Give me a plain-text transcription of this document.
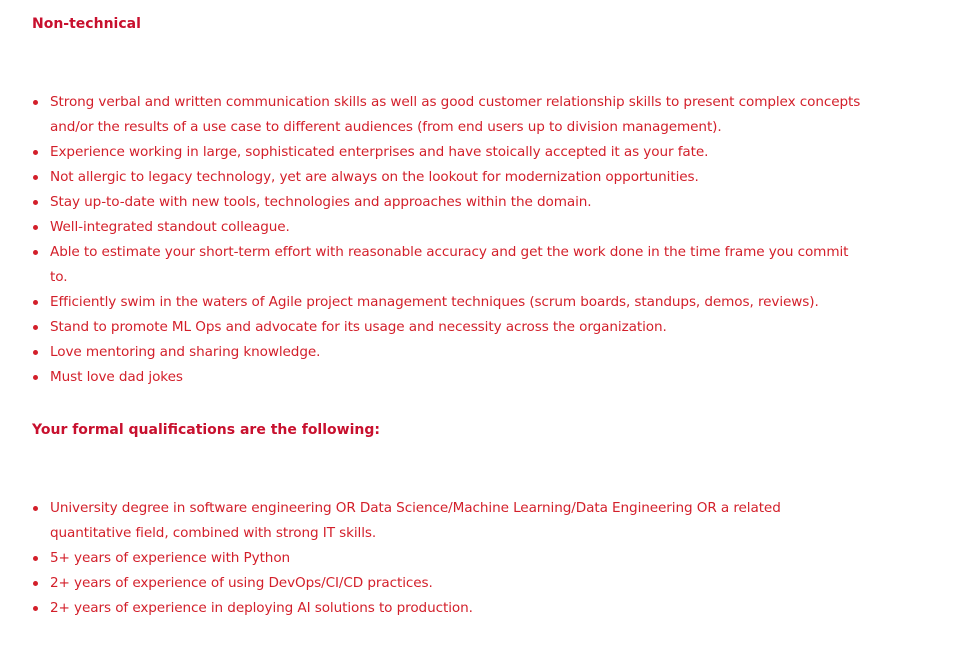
Non-technical
Strong verbal and written communication skills as well as good customer relationship skills to present complex concepts and/or the results of a use case to different audiences (from end users up to division management).
Experience working in large, sophisticated enterprises and have stoically accepted it as your fate.
Not allergic to legacy technology, yet are always on the lookout for modernization opportunities.
Stay up-to-date with new tools, technologies and approaches within the domain.
Well-integrated standout colleague.
Able to estimate your short-term effort with reasonable accuracy and get the work done in the time frame you commit to.
Efficiently swim in the waters of Agile project management techniques (scrum boards, standups, demos, reviews).
Stand to promote ML Ops and advocate for its usage and necessity across the organization.
Love mentoring and sharing knowledge.
Must love dad jokes
Your formal qualifications are the following:
University degree in software engineering OR Data Science/Machine Learning/Data Engineering OR a related quantitative field, combined with strong IT skills.
5+ years of experience with Python
2+ years of experience of using DevOps/CI/CD practices.
2+ years of experience in deploying AI solutions to production.
